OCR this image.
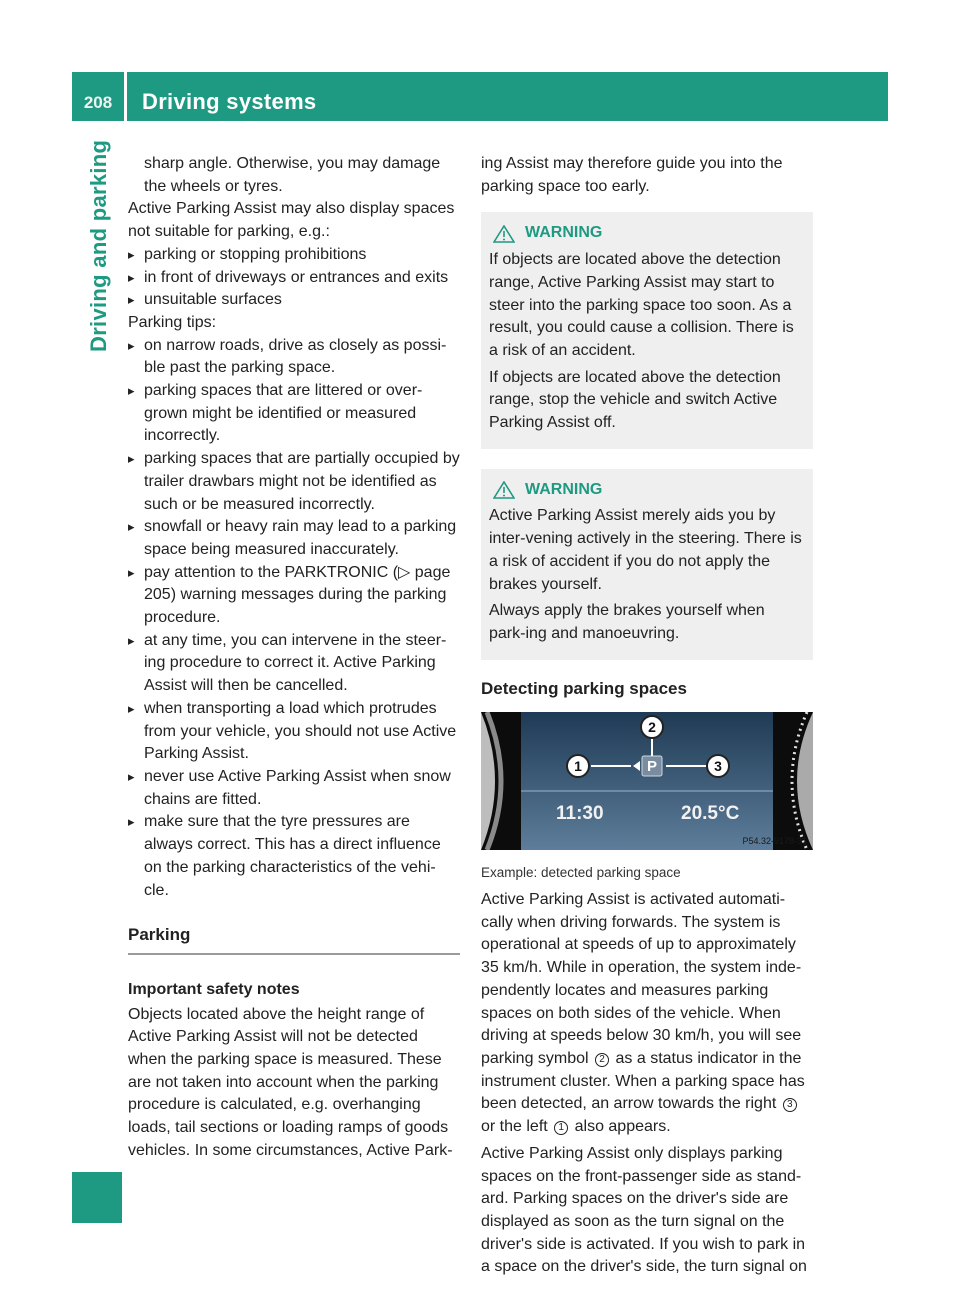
208	Driving systems
Driving and parking	sharp angle. Otherwise, you may damage the wheels or tyres.

Active Parking Assist may also display spaces not suitable for parking, e.g.:

▸ parking or stopping prohibitions
▸ in front of driveways or entrances and exits
▸ unsuitable surfaces

Parking tips:

▸ on narrow roads, drive as closely as possi-ble past the parking space.
▸ parking spaces that are littered or over-grown might be identified or measured incorrectly.
▸ parking spaces that are partially occupied by trailer drawbars might not be identified as such or be measured incorrectly.
▸ snowfall or heavy rain may lead to a parking space being measured inaccurately.
▸ pay attention to the PARKTRONIC (▷ page 205) warning messages during the parking procedure.
▸ at any time, you can intervene in the steer-ing procedure to correct it. Active Parking Assist will then be cancelled.
▸ when transporting a load which protrudes from your vehicle, you should not use Active Parking Assist.
▸ never use Active Parking Assist when snow chains are fitted.
▸ make sure that the tyre pressures are always correct. This has a direct influence on the parking characteristics of the vehi-cle.
Parking
Important safety notes

Objects located above the height range of Active Parking Assist will not be detected when the parking space is measured. These are not taken into account when the parking procedure is calculated, e.g. overhanging loads, tail sections or loading ramps of goods vehicles. In some circumstances, Active Park-

ing Assist may therefore guide you into the parking space too early.

WARNING

If objects are located above the detection range, Active Parking Assist may start to steer into the parking space too soon. As a result, you could cause a collision. There is a risk of an accident.

If objects are located above the detection range, stop the vehicle and switch Active Parking Assist off.

WARNING

Active Parking Assist merely aids you by inter-vening actively in the steering. There is a risk of accident if you do not apply the brakes yourself.

Always apply the brakes yourself when park-ing and manoeuvring.

Detecting parking spaces
P
2
1	3
11:30	20.5°C
P54.32-9178-31
Example: detected parking space

Active Parking Assist is activated automati-cally when driving forwards. The system is operational at speeds of up to approximately 35 km/h. While in operation, the system inde-pendently locates and measures parking spaces on both sides of the vehicle. When driving at speeds below 30 km/h, you will see parking symbol 2 as a status indicator in the instrument cluster. When a parking space has been detected, an arrow towards the right 3 or the left 1 also appears.

Active Parking Assist only displays parking spaces on the front-passenger side as stand-ard. Parking spaces on the driver's side are displayed as soon as the turn signal on the driver's side is activated. If you wish to park in a space on the driver's side, the turn signal on
